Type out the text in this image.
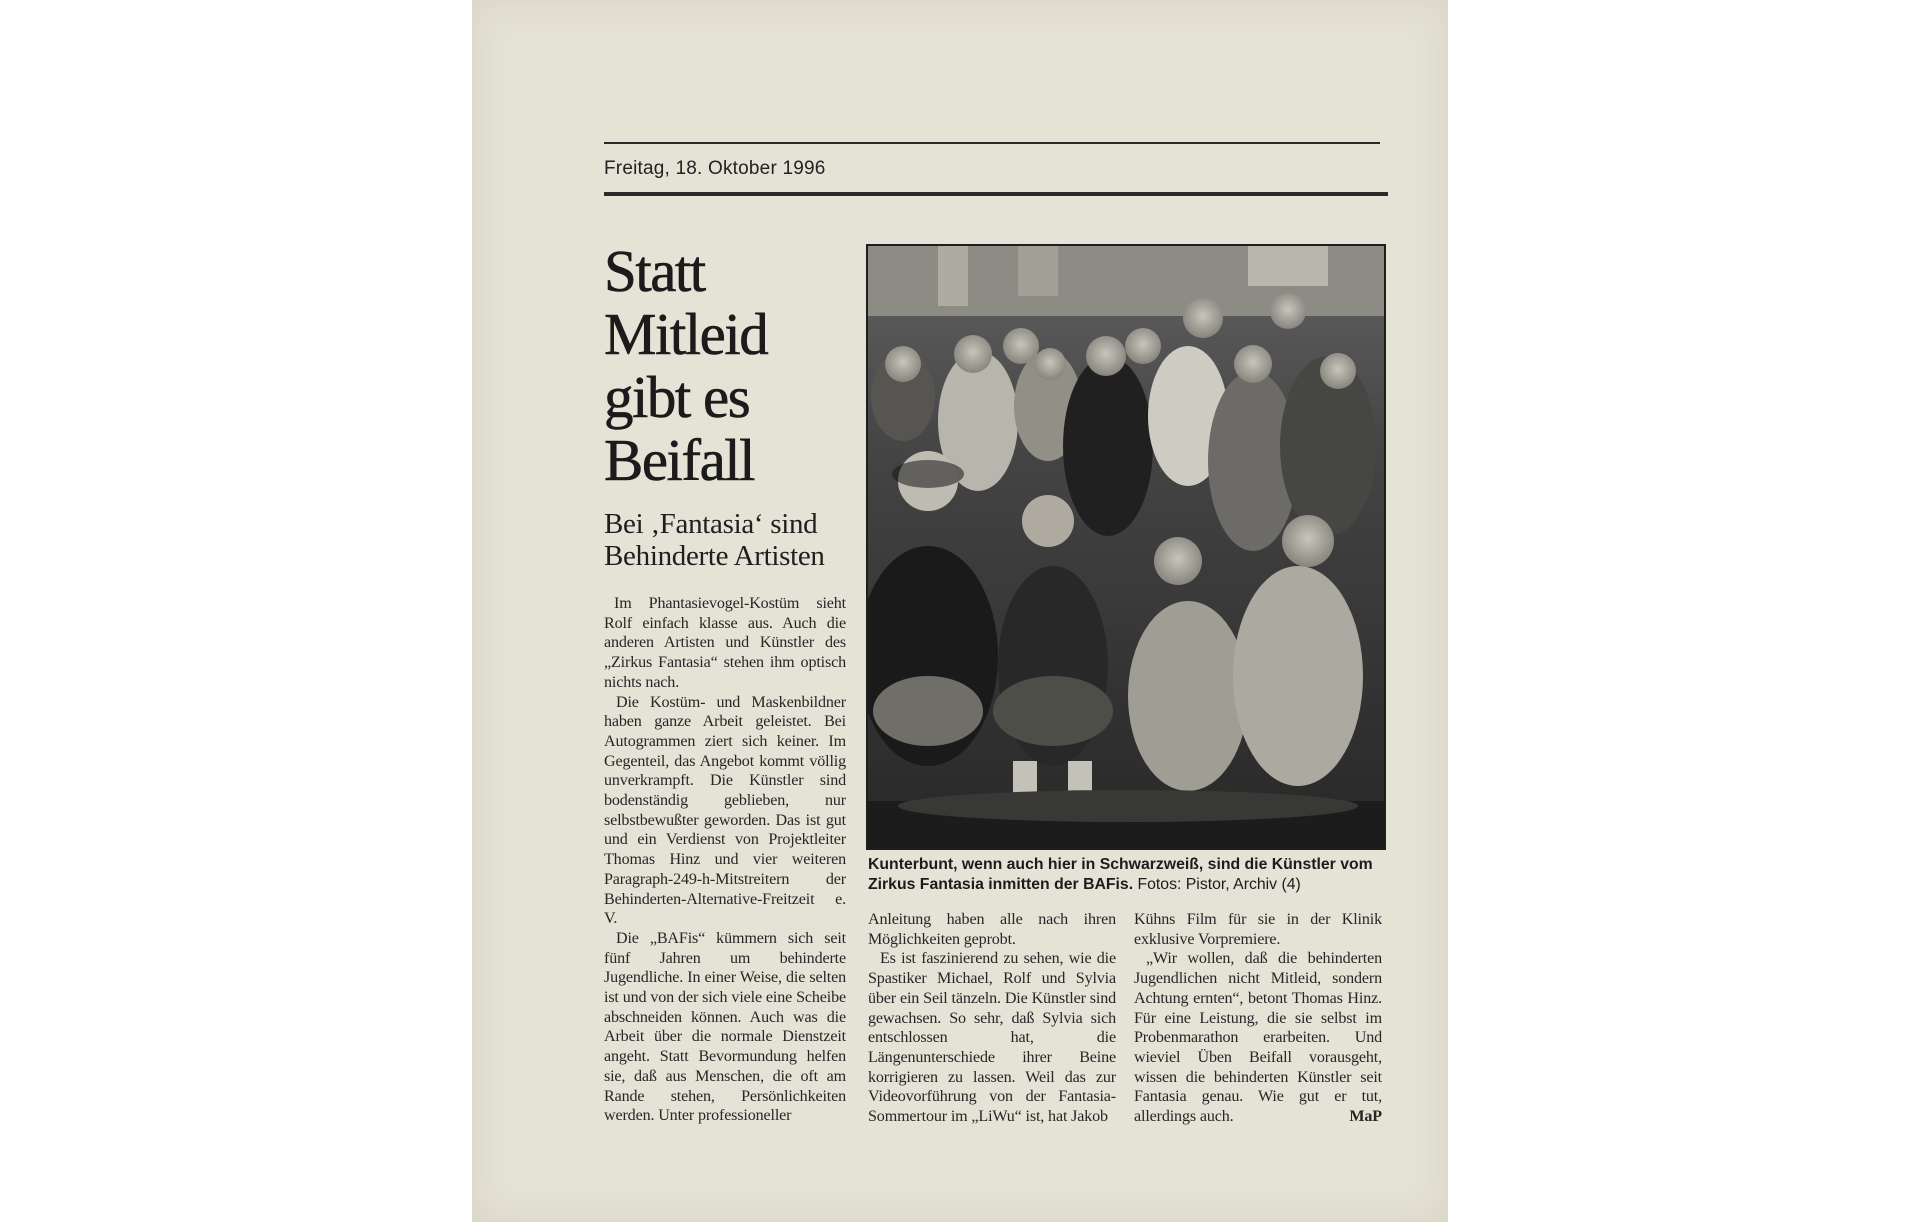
Freitag, 18. Oktober 1996
Statt
Mitleid
gibt es
Beifall
Bei ‚Fantasia‘ sind
Behinderte Artisten

Im Phantasievogel-Kostüm sieht Rolf einfach klasse aus. Auch die anderen Artisten und Künstler des „Zirkus Fantasia“ stehen ihm optisch nichts nach.

Die Kostüm- und Maskenbildner haben ganze Arbeit geleistet. Bei Autogrammen ziert sich keiner. Im Gegenteil, das Angebot kommt völlig unverkrampft. Die Künstler sind bodenständig geblieben, nur selbstbewußter geworden. Das ist gut und ein Verdienst von Projektleiter Thomas Hinz und vier weiteren Paragraph-249-h-Mitstreitern der Behinderten-Alternative-Freitzeit e. V.

Die „BAFis“ kümmern sich seit fünf Jahren um behinderte Jugendliche. In einer Weise, die selten ist und von der sich viele eine Scheibe abschneiden können. Auch was die Arbeit über die normale Dienstzeit angeht. Statt Bevormundung helfen sie, daß aus Menschen, die oft am Rande stehen, Persönlichkeiten werden. Unter professioneller

Kunterbunt, wenn auch hier in Schwarzweiß, sind die Künstler vom Zirkus Fantasia inmitten der BAFis. Fotos: Pistor, Archiv (4)

Anleitung haben alle nach ihren Möglichkeiten geprobt.

Es ist faszinierend zu sehen, wie die Spastiker Michael, Rolf und Sylvia über ein Seil tänzeln. Die Künstler sind gewachsen. So sehr, daß Sylvia sich entschlossen hat, die Längenunterschiede ihrer Beine korrigieren zu lassen. Weil das zur Videovorführung von der Fantasia-Sommertour im „LiWu“ ist, hat Jakob

Kühns Film für sie in der Klinik exklusive Vorpremiere.

„Wir wollen, daß die behinderten Jugendlichen nicht Mitleid, sondern Achtung ernten“, betont Thomas Hinz. Für eine Leistung, die sie selbst im Probenmarathon erarbeiten. Und wieviel Üben Beifall vorausgeht, wissen die behinderten Künstler seit Fantasia genau. Wie gut er tut, allerdings auch.	MaP
